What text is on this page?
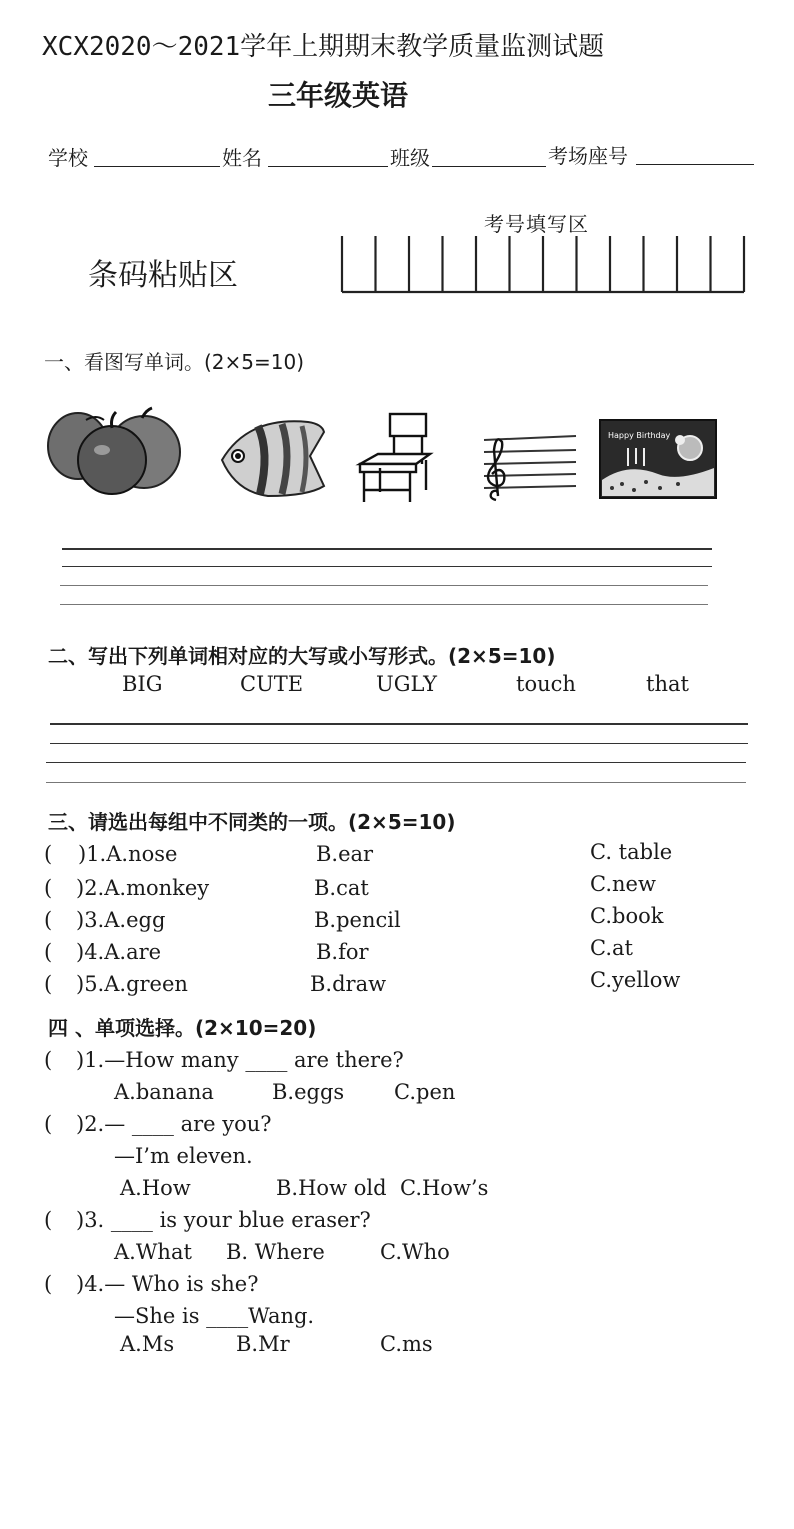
XCX2020～2021学年上期期末教学质量监测试题
三年级英语
学校	姓名	班级	考场座号
考号填写区
条码粘贴区
一、看图写单词。(2×5=10)
Happy Birthday
二、写出下列单词相对应的大写或小写形式。(2×5=10)
BIG	CUTE	UGLY	touch	that
三、请选出每组中不同类的一项。(2×5=10)
( )1.A.nose	B.ear	C. table
( )2.A.monkey	B.cat	C.new
( )3.A.egg	B.pencil	C.book
( )4.A.are	B.for	C.at
( )5.A.green	B.draw	C.yellow
四 、单项选择。(2×10=20)
( )1.—How many ____ are there?
A.banana	B.eggs C.pen
( )2.— ____ are you?
—I’m eleven.
A.How	B.How old C.How’s
( )3. ____ is your blue eraser?
A.What B. Where	C.Who
( )4.— Who is she?
—She is ____Wang.
A.Ms	B.Mr	C.ms
